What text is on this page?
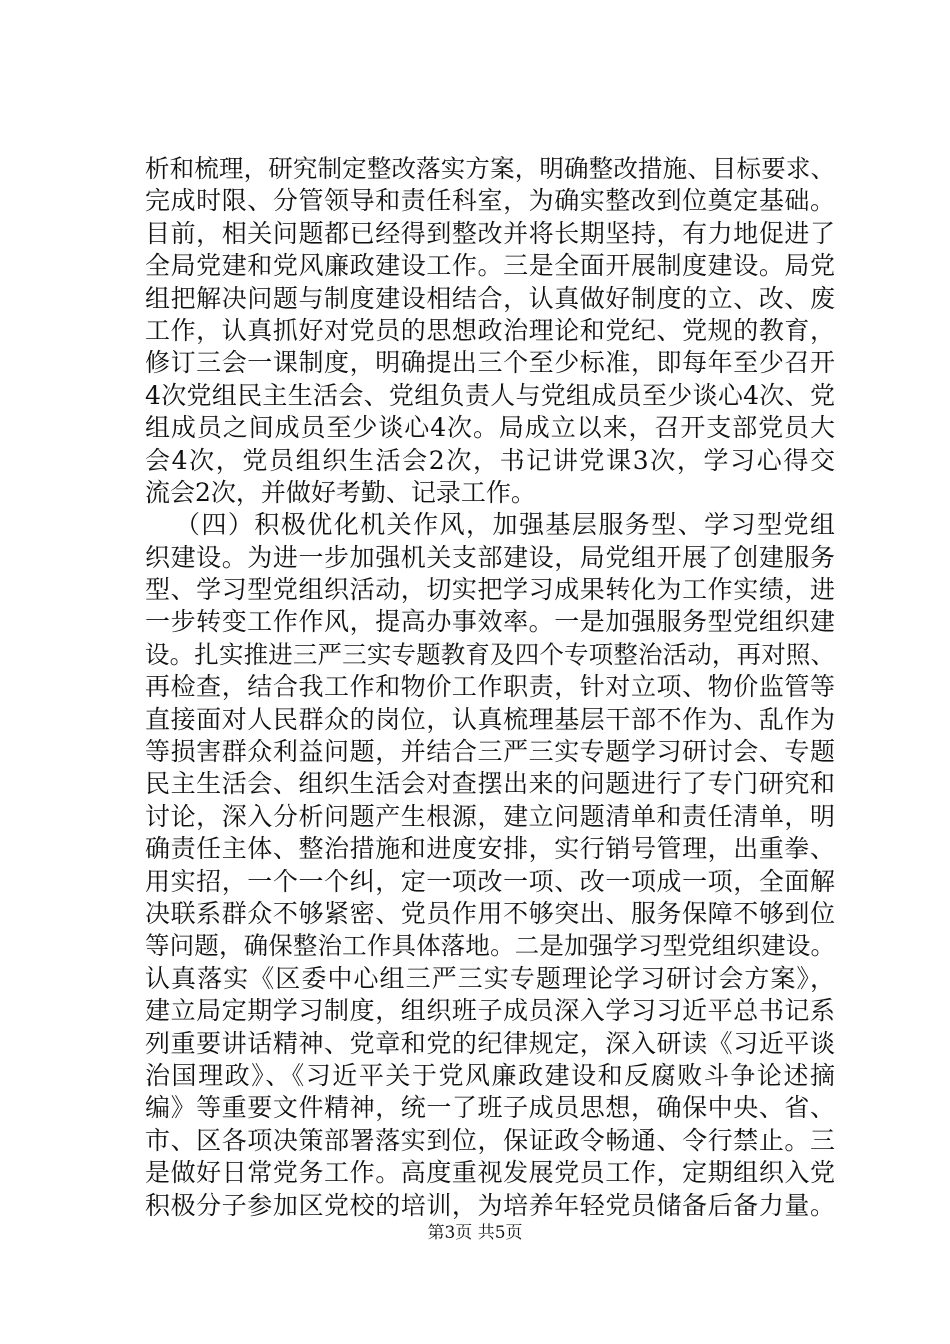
析和梳理，研究制定整改落实方案，明确整改措施、目标要求、
完成时限、分管领导和责任科室，为确实整改到位奠定基础。
目前，相关问题都已经得到整改并将长期坚持，有力地促进了
全局党建和党风廉政建设工作。三是全面开展制度建设。局党
组把解决问题与制度建设相结合，认真做好制度的立、改、废
工作，认真抓好对党员的思想政治理论和党纪、党规的教育，
修订三会一课制度，明确提出三个至少标准，即每年至少召开
4次党组民主生活会、党组负责人与党组成员至少谈心4次、党
组成员之间成员至少谈心4次。局成立以来，召开支部党员大
会4次，党员组织生活会2次，书记讲党课3次，学习心得交
流会2次，并做好考勤、记录工作。
（四）积极优化机关作风，加强基层服务型、学习型党组
织建设。为进一步加强机关支部建设，局党组开展了创建服务
型、学习型党组织活动，切实把学习成果转化为工作实绩，进
一步转变工作作风，提高办事效率。一是加强服务型党组织建
设。扎实推进三严三实专题教育及四个专项整治活动，再对照、
再检查，结合我工作和物价工作职责，针对立项、物价监管等
直接面对人民群众的岗位，认真梳理基层干部不作为、乱作为
等损害群众利益问题，并结合三严三实专题学习研讨会、专题
民主生活会、组织生活会对查摆出来的问题进行了专门研究和
讨论，深入分析问题产生根源，建立问题清单和责任清单，明
确责任主体、整治措施和进度安排，实行销号管理，出重拳、
用实招，一个一个纠，定一项改一项、改一项成一项，全面解
决联系群众不够紧密、党员作用不够突出、服务保障不够到位
等问题，确保整治工作具体落地。二是加强学习型党组织建设。
认真落实《区委中心组三严三实专题理论学习研讨会方案》，
建立局定期学习制度，组织班子成员深入学习习近平总书记系
列重要讲话精神、党章和党的纪律规定，深入研读《习近平谈
治国理政》、《习近平关于党风廉政建设和反腐败斗争论述摘
编》等重要文件精神，统一了班子成员思想，确保中央、省、
市、区各项决策部署落实到位，保证政令畅通、令行禁止。三
是做好日常党务工作。高度重视发展党员工作，定期组织入党
积极分子参加区党校的培训，为培养年轻党员储备后备力量。
第3页 共5页
